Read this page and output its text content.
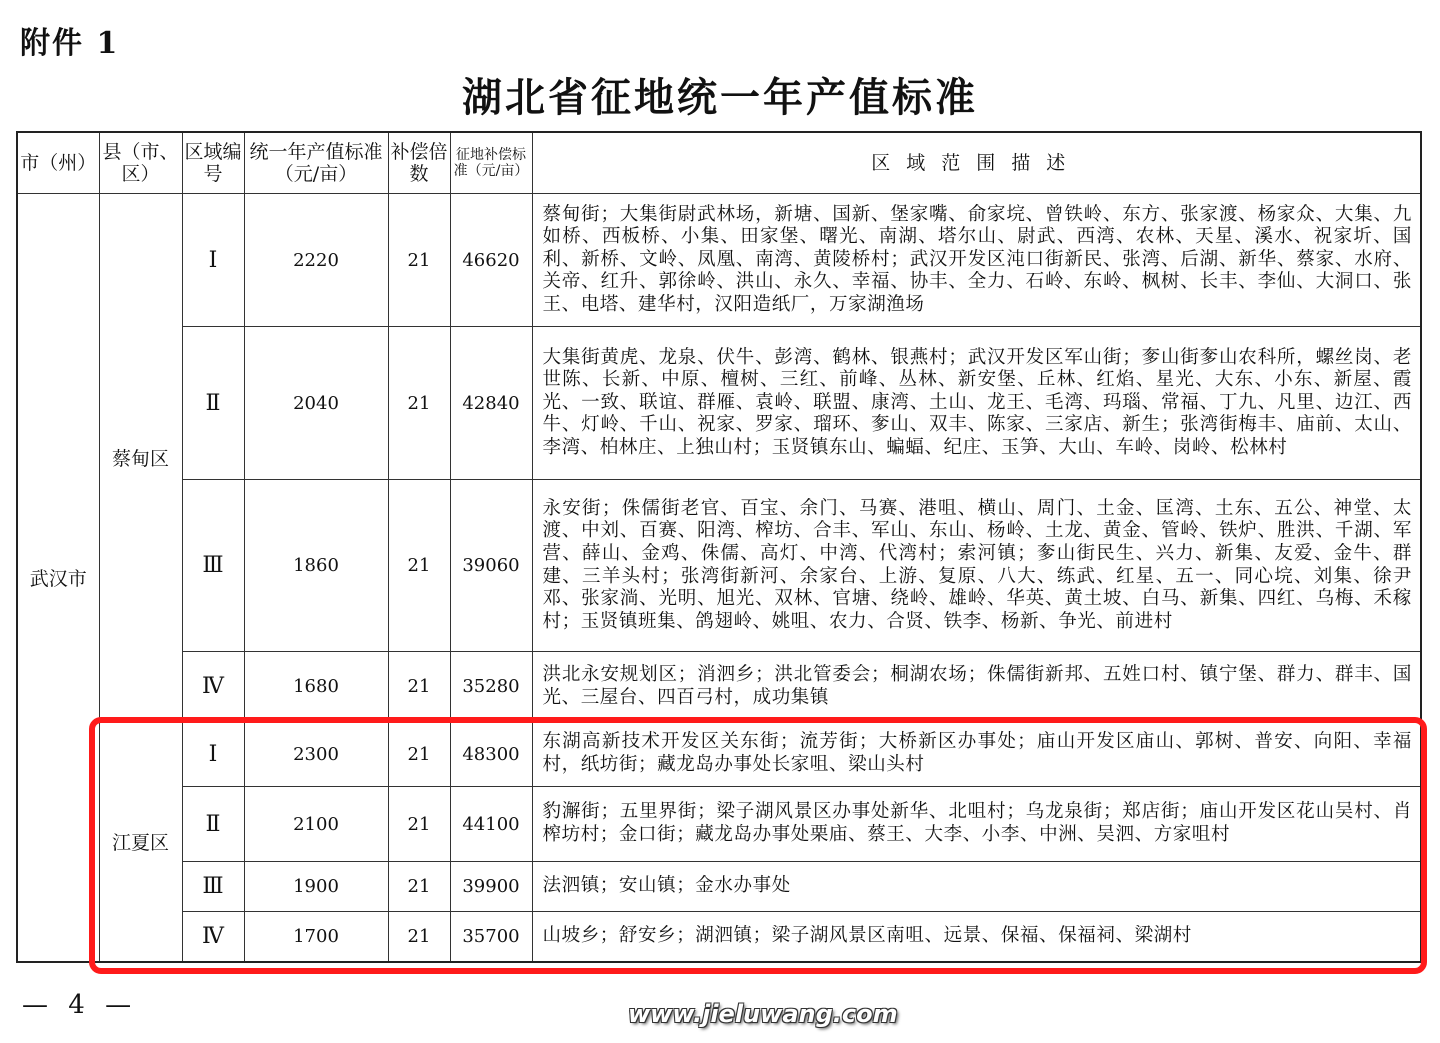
附件 1
湖北省征地统一年产值标准
市（州）	县（市、区）	区域编号	统一年产值标准（元/亩）	补偿倍数	征地补偿标准（元/亩）	区域范围描述
武汉市	蔡甸区	Ⅰ	2220	21	46620	蔡甸街；大集街尉武林场，新塘、国新、堡家嘴、俞家垸、曾铁岭、东方、张家渡、杨家众、大集、九如桥、西板桥、小集、田家堡、曙光、南湖、塔尔山、尉武、西湾、农林、天星、溪水、祝家圻、国利、新桥、文岭、凤凰、南湾、黄陵桥村；武汉开发区沌口街新民、张湾、后湖、新华、蔡家、水府、关帝、红升、郭徐岭、洪山、永久、幸福、协丰、全力、石岭、东岭、枫树、长丰、李仙、大洞口、张王、电塔、建华村，汉阳造纸厂，万家湖渔场
		Ⅱ	2040	21	42840	大集街黄虎、龙泉、伏牛、彭湾、鹤林、银燕村；武汉开发区军山街；奓山街奓山农科所，螺丝岗、老世陈、长新、中原、檀树、三红、前峰、丛林、新安堡、丘林、红焰、星光、大东、小东、新屋、霞光、一致、联谊、群雁、袁岭、联盟、康湾、土山、龙王、毛湾、玛瑙、常福、丁九、凡里、边江、西牛、灯岭、千山、祝家、罗家、瑠环、奓山、双丰、陈家、三家店、新生；张湾街梅丰、庙前、太山、李湾、柏林庄、上独山村；玉贤镇东山、蝙蝠、纪庄、玉笋、大山、车岭、岗岭、松林村
		Ⅲ	1860	21	39060	永安街；侏儒街老官、百宝、余门、马赛、港咀、横山、周门、土金、匡湾、土东、五公、神堂、太渡、中刘、百赛、阳湾、榨坊、合丰、军山、东山、杨岭、土龙、黄金、管岭、铁炉、胜洪、千湖、军营、薛山、金鸡、侏儒、高灯、中湾、代湾村；索河镇；奓山街民生、兴力、新集、友爱、金牛、群建、三羊头村；张湾街新河、余家台、上游、复原、八大、练武、红星、五一、同心垸、刘集、徐尹邓、张家淌、光明、旭光、双林、官塘、绕岭、雄岭、华英、黄土坡、白马、新集、四红、乌梅、禾稼村；玉贤镇班集、鸽翅岭、姚咀、农力、合贤、铁李、杨新、争光、前进村
		Ⅳ	1680	21	35280	洪北永安规划区；消泗乡；洪北管委会；桐湖农场；侏儒街新邦、五姓口村、镇宁堡、群力、群丰、国光、三屋台、四百弓村，成功集镇
	江夏区	Ⅰ	2300	21	48300	东湖高新技术开发区关东街；流芳街；大桥新区办事处；庙山开发区庙山、郭树、普安、向阳、幸福村，纸坊街；藏龙岛办事处长家咀、梁山头村
		Ⅱ	2100	21	44100	豹澥街；五里界街；梁子湖风景区办事处新华、北咀村；乌龙泉街；郑店街；庙山开发区花山吴村、肖榨坊村；金口街；藏龙岛办事处栗庙、蔡王、大李、小李、中洲、吴泗、方家咀村
		Ⅲ	1900	21	39900	法泗镇；安山镇；金水办事处
		Ⅳ	1700	21	35700	山坡乡；舒安乡；湖泗镇；梁子湖风景区南咀、远景、保福、保福祠、梁湖村
— 4 —	www.jieluwang.com
